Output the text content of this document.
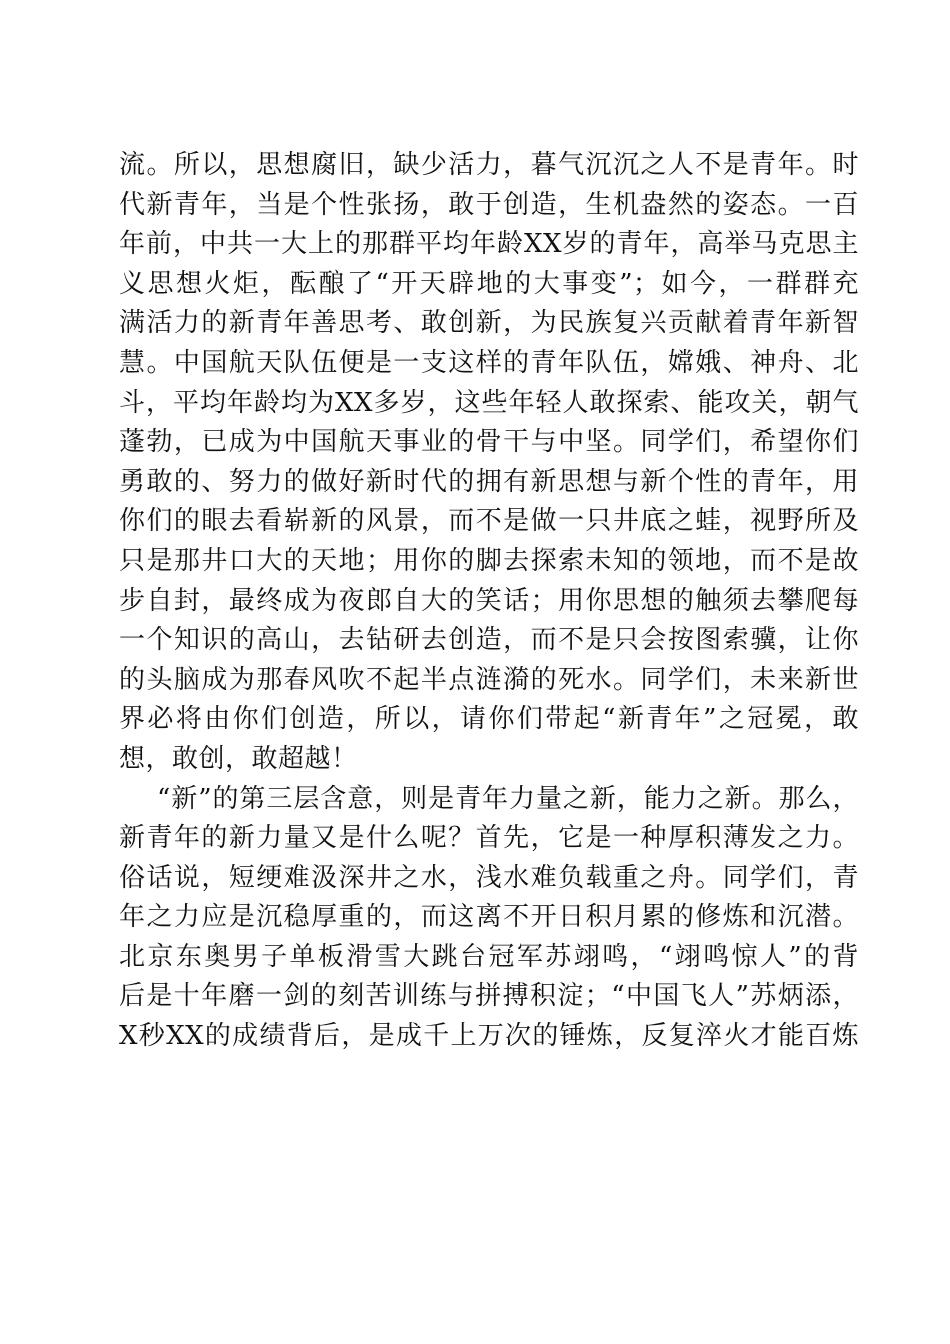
流。所以，思想腐旧，缺少活力，暮气沉沉之人不是青年。时
代新青年，当是个性张扬，敢于创造，生机盎然的姿态。一百
年前，中共一大上的那群平均年龄XX岁的青年，高举马克思主
义思想火炬，酝酿了“开天辟地的大事变”；如今，一群群充
满活力的新青年善思考、敢创新，为民族复兴贡献着青年新智
慧。中国航天队伍便是一支这样的青年队伍，嫦娥、神舟、北
斗，平均年龄均为XX多岁，这些年轻人敢探索、能攻关，朝气
蓬勃，已成为中国航天事业的骨干与中坚。同学们，希望你们
勇敢的、努力的做好新时代的拥有新思想与新个性的青年，用
你们的眼去看崭新的风景，而不是做一只井底之蛙，视野所及
只是那井口大的天地；用你的脚去探索未知的领地，而不是故
步自封，最终成为夜郎自大的笑话；用你思想的触须去攀爬每
一个知识的高山，去钻研去创造，而不是只会按图索骥，让你
的头脑成为那春风吹不起半点涟漪的死水。同学们，未来新世
界必将由你们创造，所以，请你们带起“新青年”之冠冕，敢
想，敢创，敢超越！
“新”的第三层含意，则是青年力量之新，能力之新。那么，
新青年的新力量又是什么呢？首先，它是一种厚积薄发之力。
俗话说，短绠难汲深井之水，浅水难负载重之舟。同学们，青
年之力应是沉稳厚重的，而这离不开日积月累的修炼和沉潜。
北京东奥男子单板滑雪大跳台冠军苏翊鸣，“翊鸣惊人”的背
后是十年磨一剑的刻苦训练与拼搏积淀；“中国飞人”苏炳添，
X秒XX的成绩背后，是成千上万次的锤炼，反复淬火才能百炼
